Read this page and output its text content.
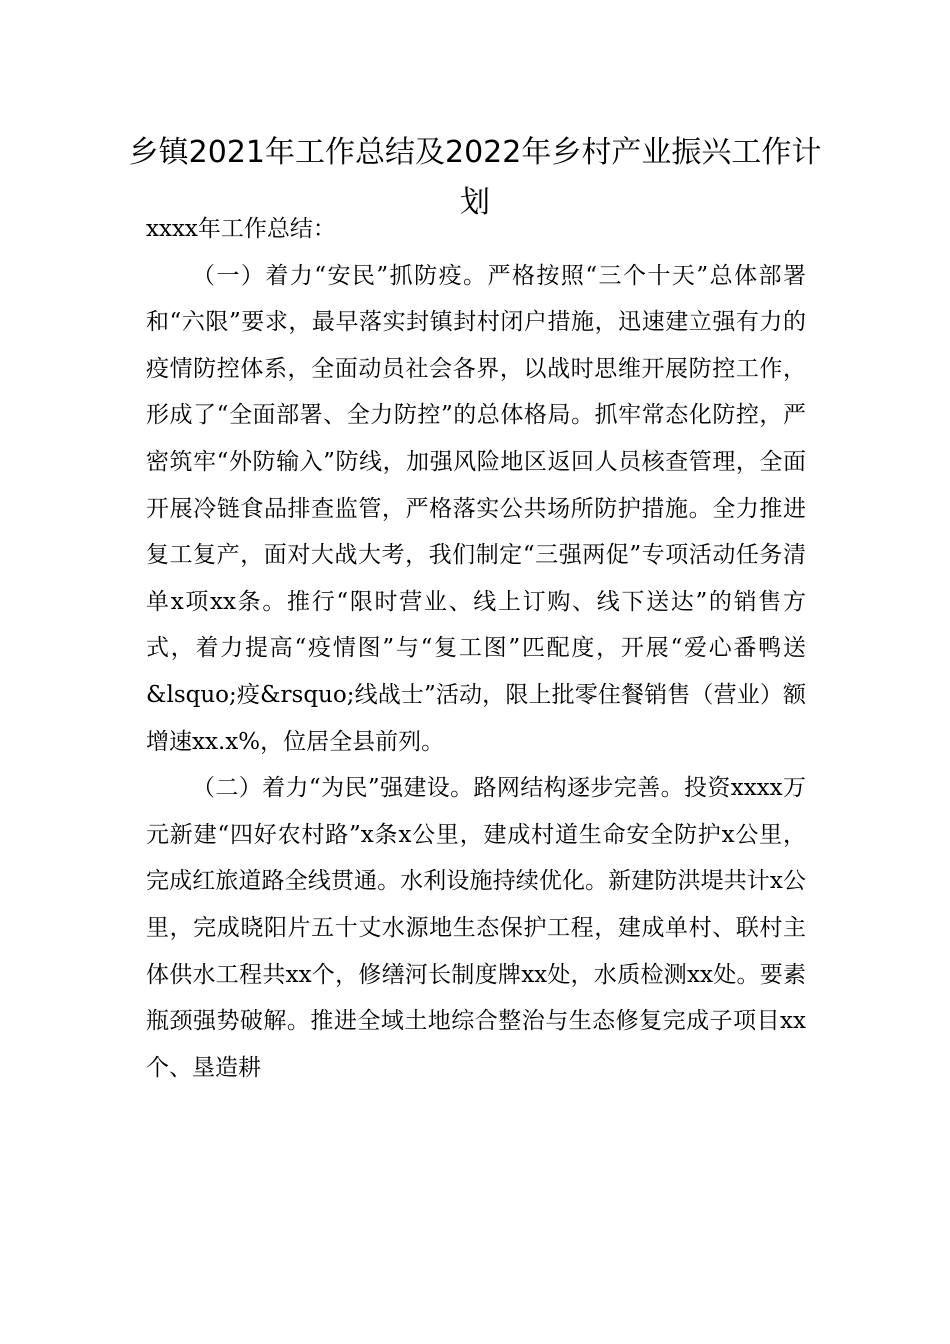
乡镇2021年工作总结及2022年乡村产业振兴工作计划

xxxx年工作总结：

（一）着力“安民”抓防疫。严格按照“三个十天”总体部署和“六限”要求，最早落实封镇封村闭户措施，迅速建立强有力的疫情防控体系，全面动员社会各界，以战时思维开展防控工作，形成了“全面部署、全力防控”的总体格局。抓牢常态化防控，严密筑牢“外防输入”防线，加强风险地区返回人员核查管理，全面开展冷链食品排查监管，严格落实公共场所防护措施。全力推进复工复产，面对大战大考，我们制定“三强两促”专项活动任务清单x项xx条。推行“限时营业、线上订购、线下送达”的销售方式，着力提高“疫情图”与“复工图”匹配度，开展“爱心番鸭送&lsquo;疫&rsquo;线战士”活动，限上批零住餐销售（营业）额增速xx.x%，位居全县前列。

（二）着力“为民”强建设。路网结构逐步完善。投资xxxx万元新建“四好农村路”x条x公里，建成村道生命安全防护x公里，完成红旅道路全线贯通。水利设施持续优化。新建防洪堤共计x公里，完成晓阳片五十丈水源地生态保护工程，建成单村、联村主体供水工程共xx个，修缮河长制度牌xx处，水质检测xx处。要素瓶颈强势破解。推进全域土地综合整治与生态修复完成子项目xx个、垦造耕
